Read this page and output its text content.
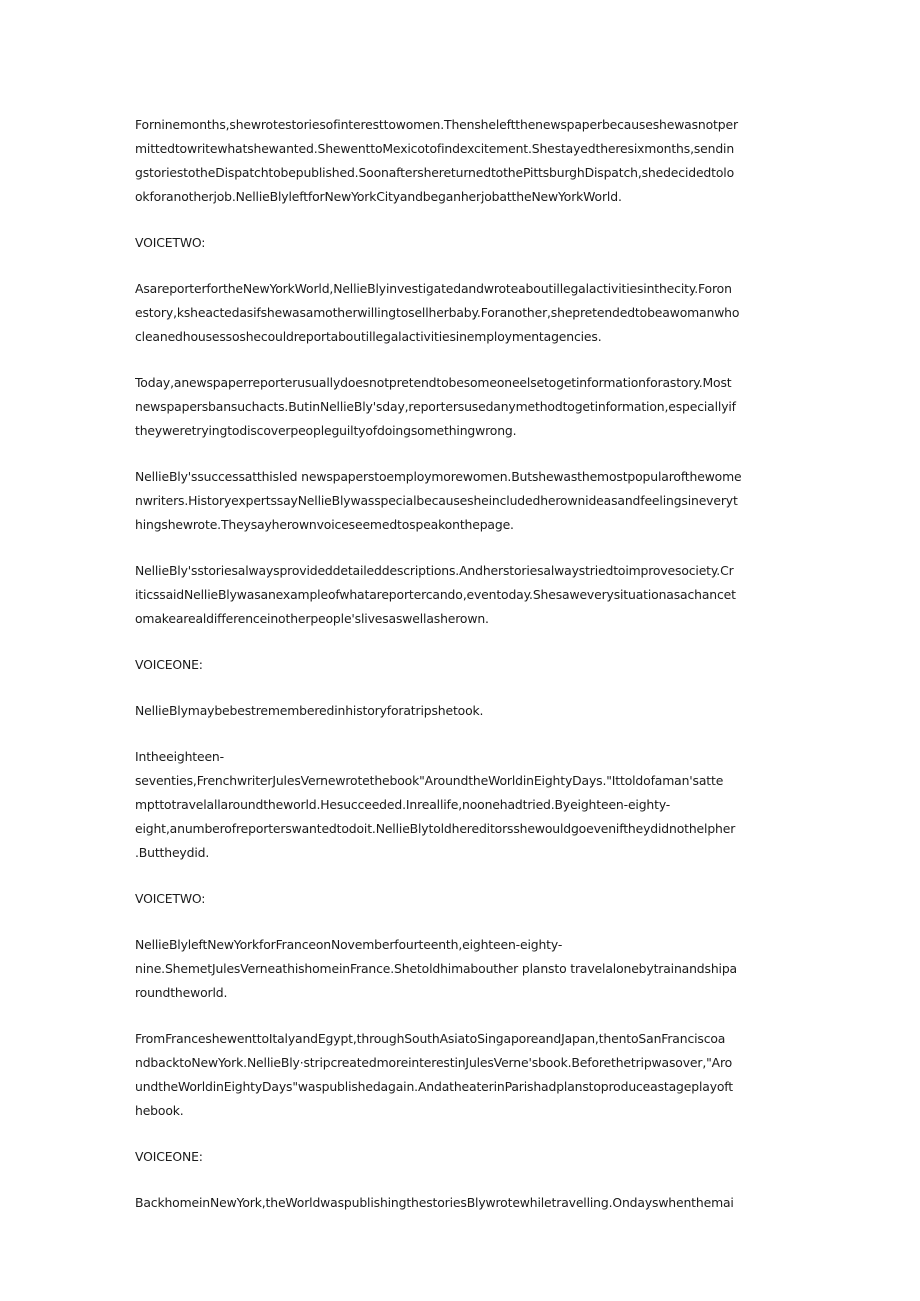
Forninemonths,shewrotestoriesofinteresttowomen.Thensheleftthenewspaperbecauseshewasnotper
mittedtowritewhatshewanted.ShewenttoMexicotofindexcitement.Shestayedtheresixmonths,sendin
gstoriestotheDispatchtobepublished.SoonaftershereturnedtothePittsburghDispatch,shedecidedtolo
okforanotherjob.NellieBlyleftforNewYorkCityandbeganherjobattheNewYorkWorld.
VOICETWO:
AsareporterfortheNewYorkWorld,NellieBlyinvestigatedandwroteaboutillegalactivitiesinthecity.Foron
estory‚ksheactedasifshewasamotherwillingtosellherbaby.Foranother,shepretendedtobeawomanwho
cleanedhousessoshecouldreportaboutillegalactivitiesinemploymentagencies.
Today,anewspaperreporterusuallydoesnotpretendtobesomeoneelsetogetinformationforastory.Most
newspapersbansuchacts.ButinNellieBly'sday,reportersusedanymethodtogetinformation,especiallyif
theyweretryingtodiscoverpeopleguiltyofdoingsomethingwrong.
NellieBly'ssuccessatthisled newspaperstoemploymorewomen.Butshewasthemostpopularofthewome
nwriters.HistoryexpertssayNellieBlywasspecialbecausesheincludedherownideasandfeelingsineveryt
hingshewrote.Theysayherownvoiceseemedtospeakonthepage.
NellieBly'sstoriesalwaysprovideddetaileddescriptions.Andherstoriesalwaystriedtoimprovesociety.Cr
iticssaidNellieBlywasanexampleofwhatareportercando‚eventoday.Shesaweverysituationasachancet
omakearealdifferenceinotherpeople'slivesaswellasherown.
VOICEONE:
NellieBlymaybebestrememberedinhistoryforatripshetook.
Intheeighteen-
seventies,FrenchwriterJulesVernewrotethebook"AroundtheWorldinEightyDays."Ittoldofaman'satte
mpttotravelallaroundtheworld.Hesucceeded.Inreallife,noonehadtried.Byeighteen-eighty-
eight‚anumberofreporterswantedtodoit.NellieBlytoldhereditorsshewouldgoeveniftheydidnothelpher
.Buttheydid.
VOICETWO:
NellieBlyleftNewYorkforFranceonNovemberfourteenth,eighteen-eighty-
nine.ShemetJulesVerneathishomeinFrance.Shetoldhimabouther plansto travelalonebytrainandshipa
roundtheworld.
FromFranceshewenttoItalyandEgypt,throughSouthAsiatoSingaporeandJapan,thentoSanFranciscoa
ndbacktoNewYork.NellieBly·stripcreatedmoreinterestinJulesVerne'sbook.Beforethetripwasover,"Aro
undtheWorldinEightyDays"waspublishedagain.AndatheaterinParishadplanstoproduceastageplayoft
hebook.
VOICEONE:
BackhomeinNewYork,theWorldwaspublishingthestoriesBlywrotewhiletravelling.Ondayswhenthemai
